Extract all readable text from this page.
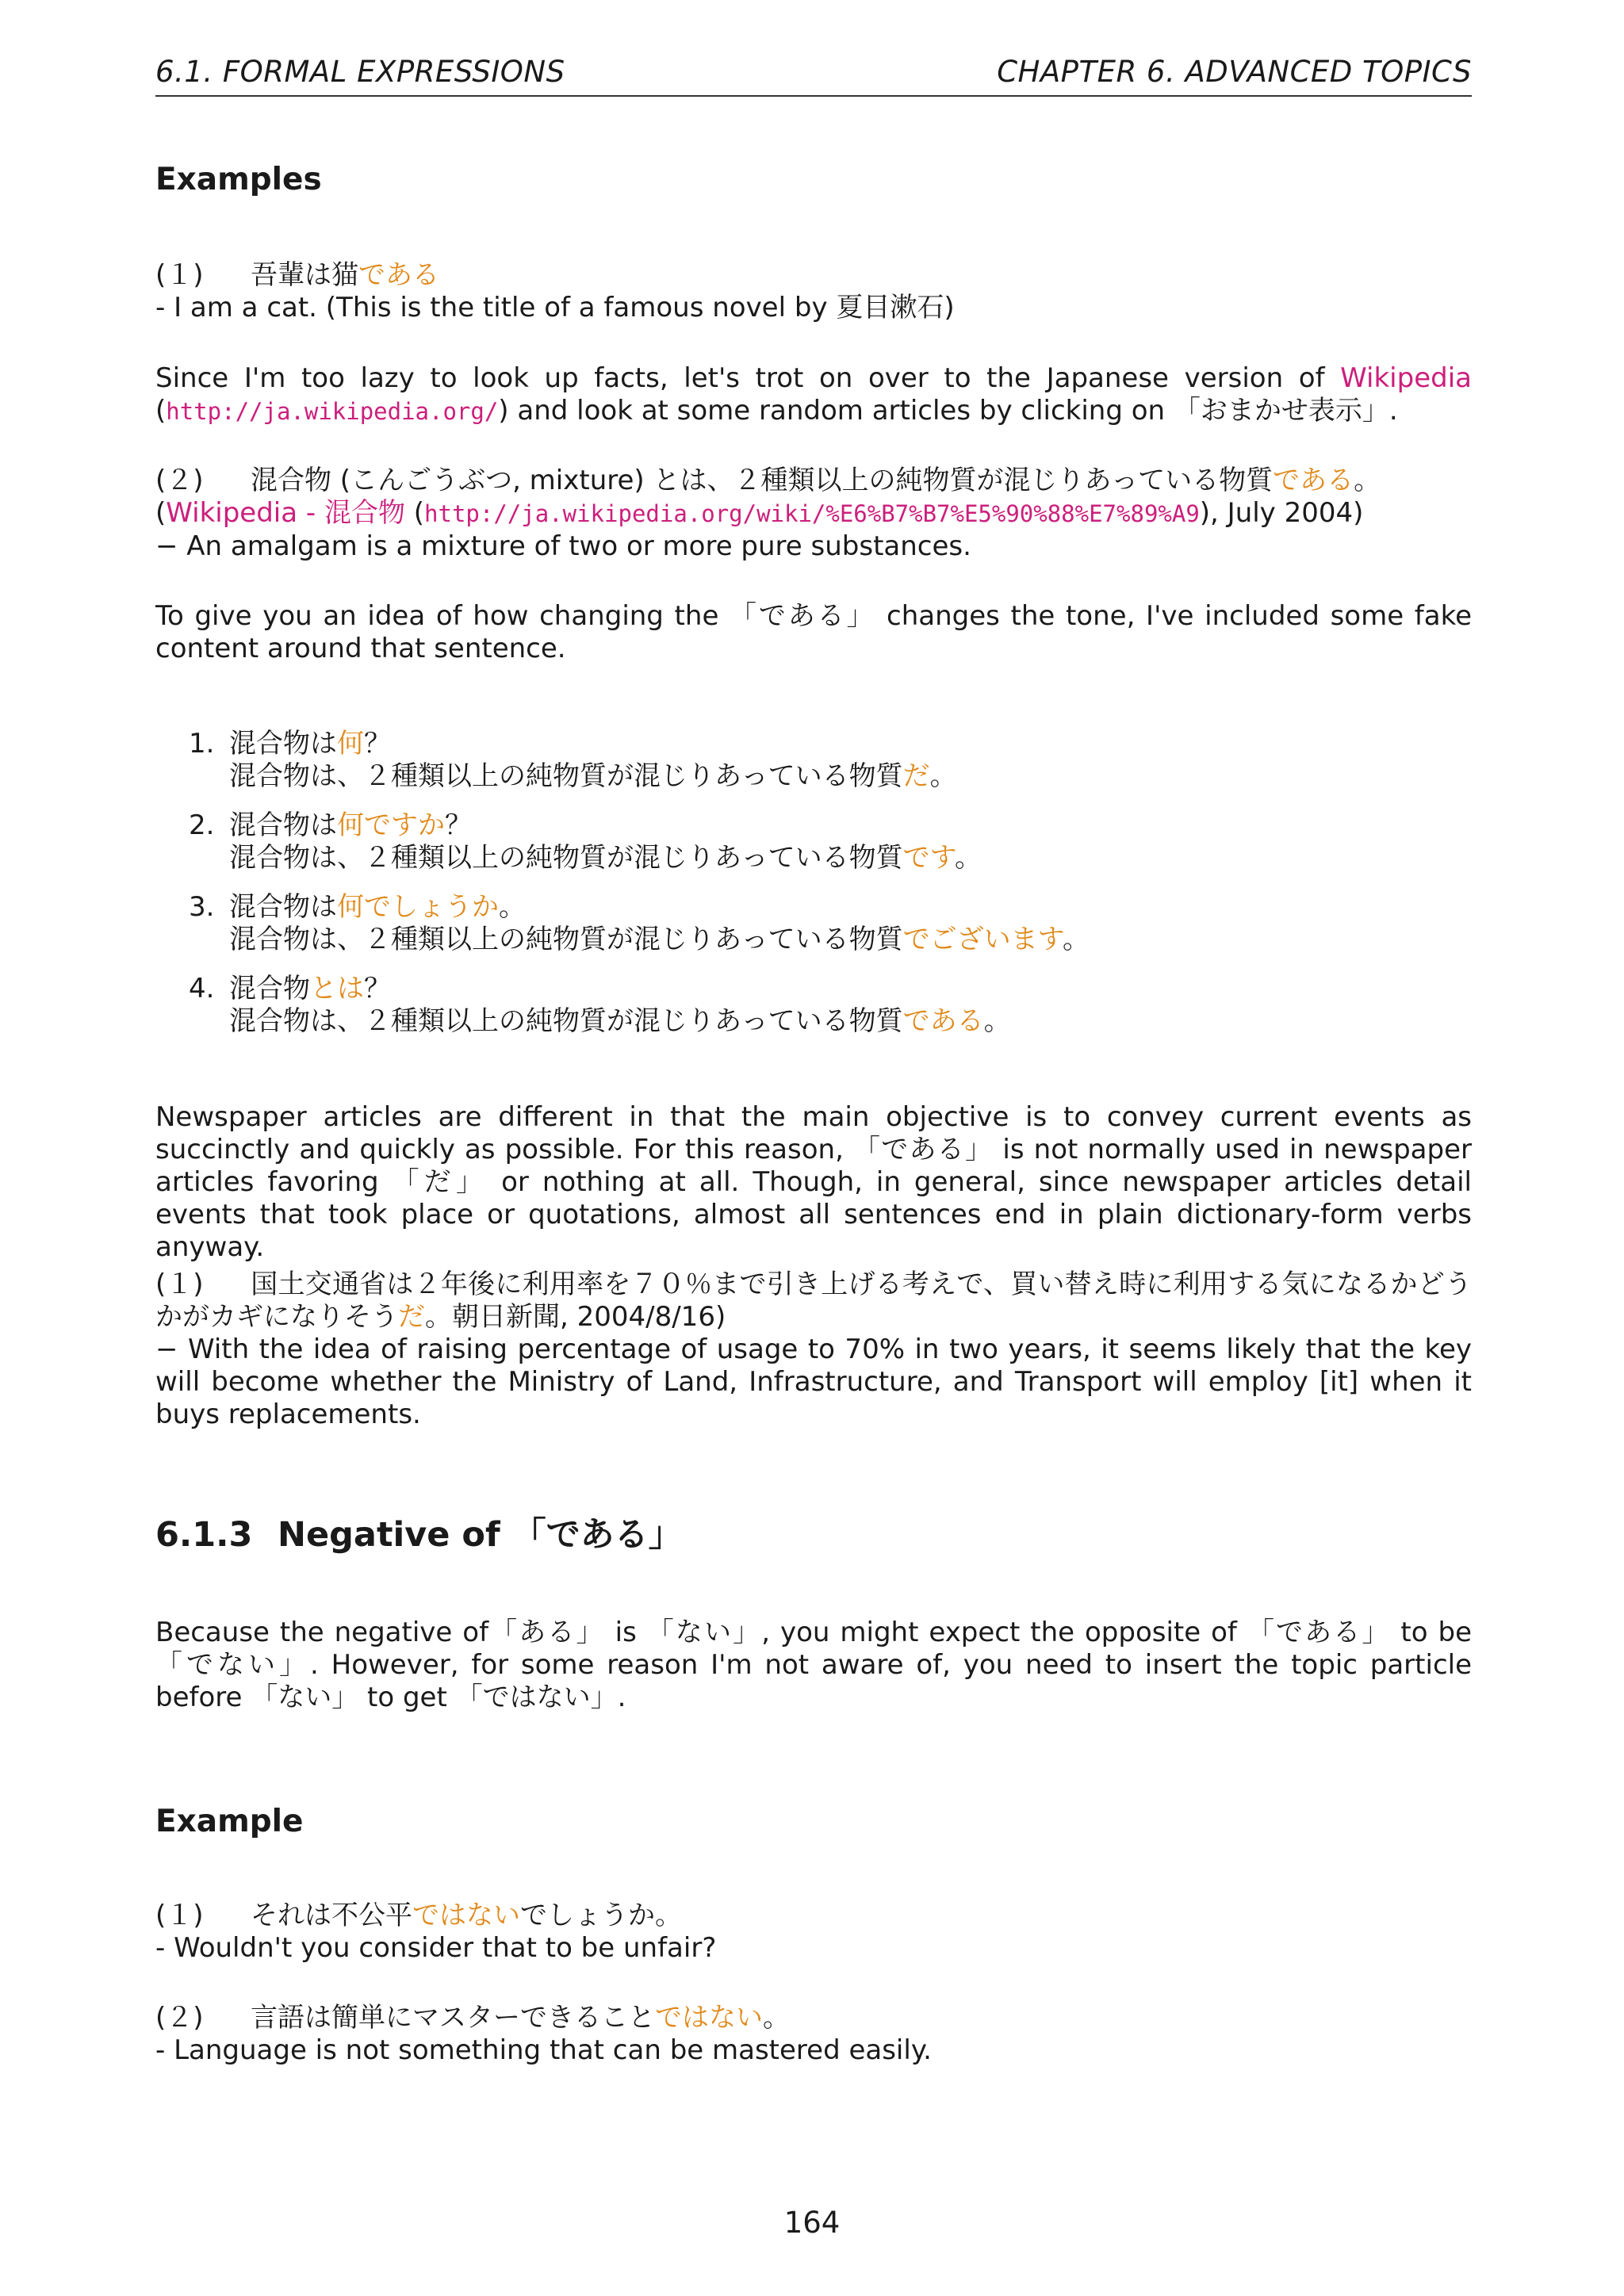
6.1. FORMAL EXPRESSIONS	CHAPTER 6. ADVANCED TOPICS
Examples
(１) 吾輩は猫である
- I am a cat. (This is the title of a famous novel by 夏目漱石)
Since I'm too lazy to look up facts, let's trot on over to the Japanese version of Wikipedia (http://ja.wikipedia.org/) and look at some random articles by clicking on 「おまかせ表示」.
(２) 混合物 (こんごうぶつ, mixture) とは、２種類以上の純物質が混じりあっている物質である。
(Wikipedia - 混合物 (http://ja.wikipedia.org/wiki/%E6%B7%B7%E5%90%88%E7%89%A9), July 2004)
− An amalgam is a mixture of two or more pure substances.
To give you an idea of how changing the 「である」 changes the tone, I've included some fake content around that sentence.
1. 混合物は何？
混合物は、２種類以上の純物質が混じりあっている物質だ。
2. 混合物は何ですか？
混合物は、２種類以上の純物質が混じりあっている物質です。
3. 混合物は何でしょうか。
混合物は、２種類以上の純物質が混じりあっている物質でございます。
4. 混合物とは？
混合物は、２種類以上の純物質が混じりあっている物質である。
Newspaper articles are different in that the main objective is to convey current events as succinctly and quickly as possible. For this reason, 「である」 is not normally used in newspaper articles favoring 「だ」 or nothing at all. Though, in general, since newspaper articles detail events that took place or quotations, almost all sentences end in plain dictionary-form verbs anyway.
(１) 国土交通省は２年後に利用率を７０％まで引き上げる考えで、買い替え時に利用する気になるかどうかがカギになりそうだ。朝日新聞, 2004/8/16)
− With the idea of raising percentage of usage to 70% in two years, it seems likely that the key will become whether the Ministry of Land, Infrastructure, and Transport will employ [it] when it buys replacements.
6.1.3 Negative of 「である」
Because the negative of「ある」 is 「ない」, you might expect the opposite of 「である」 to be 「でない」. However, for some reason I'm not aware of, you need to insert the topic particle before 「ない」 to get 「ではない」.
Example
(１) それは不公平ではないでしょうか。
- Wouldn't you consider that to be unfair?
(２) 言語は簡単にマスターできることではない。
- Language is not something that can be mastered easily.
164
